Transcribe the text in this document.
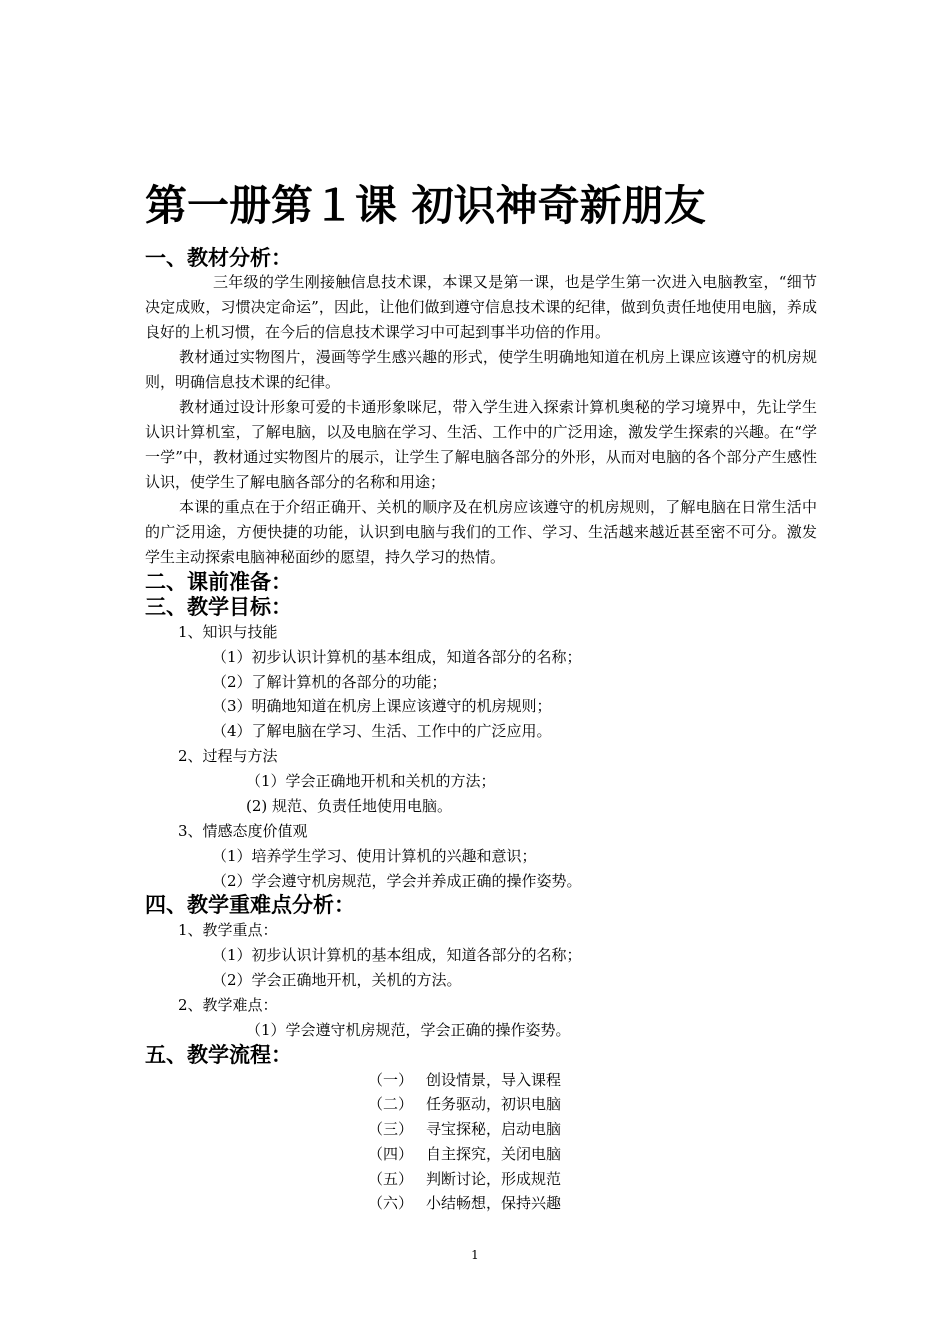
第一册第１课 初识神奇新朋友
一、教材分析：
三年级的学生刚接触信息技术课，本课又是第一课，也是学生第一次进入电脑教室，“细节决定成败，习惯决定命运”，因此，让他们做到遵守信息技术课的纪律，做到负责任地使用电脑，养成良好的上机习惯，在今后的信息技术课学习中可起到事半功倍的作用。
教材通过实物图片，漫画等学生感兴趣的形式，使学生明确地知道在机房上课应该遵守的机房规则，明确信息技术课的纪律。
教材通过设计形象可爱的卡通形象咪尼，带入学生进入探索计算机奥秘的学习境界中，先让学生认识计算机室，了解电脑，以及电脑在学习、生活、工作中的广泛用途，激发学生探索的兴趣。在“学一学”中，教材通过实物图片的展示，让学生了解电脑各部分的外形，从而对电脑的各个部分产生感性认识，使学生了解电脑各部分的名称和用途；
本课的重点在于介绍正确开、关机的顺序及在机房应该遵守的机房规则，了解电脑在日常生活中的广泛用途，方便快捷的功能，认识到电脑与我们的工作、学习、生活越来越近甚至密不可分。激发学生主动探索电脑神秘面纱的愿望，持久学习的热情。
二、课前准备：
三、教学目标：
1、知识与技能
（1）初步认识计算机的基本组成，知道各部分的名称；
（2）了解计算机的各部分的功能；
（3）明确地知道在机房上课应该遵守的机房规则；
（4）了解电脑在学习、生活、工作中的广泛应用。
2、过程与方法
（1）学会正确地开机和关机的方法；
(2) 规范、负责任地使用电脑。
3、情感态度价值观
（1）培养学生学习、使用计算机的兴趣和意识；
（2）学会遵守机房规范，学会并养成正确的操作姿势。
四、教学重难点分析：
1、教学重点：
（1）初步认识计算机的基本组成，知道各部分的名称；
（2）学会正确地开机，关机的方法。
2、教学难点：
（1）学会遵守机房规范，学会正确的操作姿势。
五、教学流程：
（一） 创设情景，导入课程
（二） 任务驱动，初识电脑
（三） 寻宝探秘，启动电脑
（四） 自主探究，关闭电脑
（五） 判断讨论，形成规范
（六） 小结畅想，保持兴趣
1
